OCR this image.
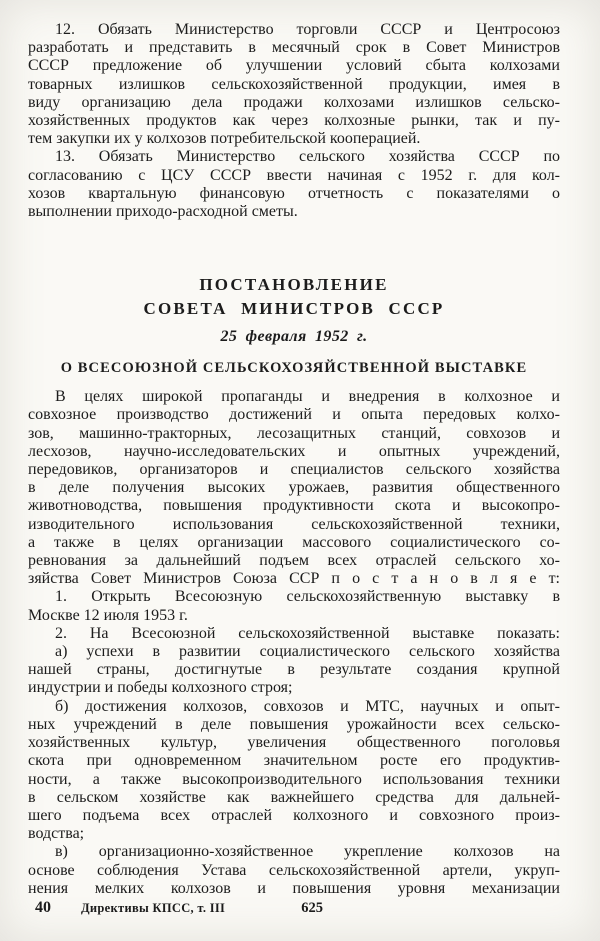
12. Обязать Министерство торговли СССР и Центросоюз
разработать и представить в месячный срок в Совет Министров
СССР предложение об улучшении условий сбыта колхозами
товарных излишков сельскохозяйственной продукции, имея в
виду организацию дела продажи колхозами излишков сельско-
хозяйственных продуктов как через колхозные рынки, так и пу-
тем закупки их у колхозов потребительской кооперацией.
13. Обязать Министерство сельского хозяйства СССР по
согласованию с ЦСУ СССР ввести начиная с 1952 г. для кол-
хозов квартальную финансовую отчетность с показателями о
выполнении приходо-расходной сметы.
ПОСТАНОВЛЕНИЕ
СОВЕТА МИНИСТРОВ СССР
25 февраля 1952 г.
О ВСЕСОЮЗНОЙ СЕЛЬСКОХОЗЯЙСТВЕННОЙ ВЫСТАВКЕ
В целях широкой пропаганды и внедрения в колхозное и
совхозное производство достижений и опыта передовых колхо-
зов, машинно-тракторных, лесозащитных станций, совхозов и
лесхозов, научно-исследовательских и опытных учреждений,
передовиков, организаторов и специалистов сельского хозяйства
в деле получения высоких урожаев, развития общественного
животноводства, повышения продуктивности скота и высокопро-
изводительного использования сельскохозяйственной техники,
а также в целях организации массового социалистического со-
ревнования за дальнейший подъем всех отраслей сельского хо-
зяйства Совет Министров Союза ССР п о с т а н о в л я е т:
1. Открыть Всесоюзную сельскохозяйственную выставку в
Москве 12 июля 1953 г.
2. На Всесоюзной сельскохозяйственной выставке показать:
а) успехи в развитии социалистического сельского хозяйства
нашей страны, достигнутые в результате создания крупной
индустрии и победы колхозного строя;
б) достижения колхозов, совхозов и МТС, научных и опыт-
ных учреждений в деле повышения урожайности всех сельско-
хозяйственных культур, увеличения общественного поголовья
скота при одновременном значительном росте его продуктив-
ности, а также высокопроизводительного использования техники
в сельском хозяйстве как важнейшего средства для дальней-
шего подъема всех отраслей колхозного и совхозного произ-
водства;
в) организационно-хозяйственное укрепление колхозов на
основе соблюдения Устава сельскохозяйственной артели, укруп-
нения мелких колхозов и повышения уровня механизации
40 Директивы КПСС, т. III	625
